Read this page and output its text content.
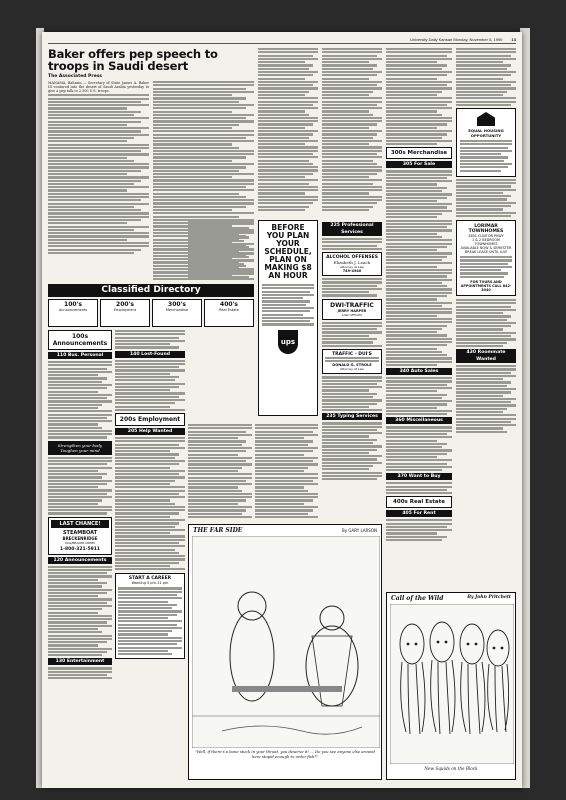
University Daily Kansan Monday, November 5, 1990 13
Baker offers pep speech to troops in Saudi desert
The Associated Press

MANAMA, Bahrain — Secretary of State James A. Baker III ventured into the desert of Saudi Arabia yesterday to give a pep talk to 2,500 U.S. troops.

Classified Directory
100's
Announcements
200's
Employment
300's
Merchandise
400's
Real Estate
100s Announcements
110 Bus. Personal
Strengthen your body Toughen your mind
LAST CHANCE!
STEAMBOAT
BRECKENRIDGE
VAIL/BEAVER CREEK
1-800-321-5911
120 Announcements
130 Entertainment
140 Lost-Found
200s Employment
205 Help Wanted
START A CAREER
Working 5 pm-11 pm
BEFORE YOU PLAN YOUR SCHEDULE, PLAN ON MAKING $8 AN HOUR
ups
225 Professional Services
ALCOHOL OFFENSES
Elizabeth J. Leach
Attorney at Law
749-4940
DWI-TRAFFIC
JERRY HARPER
LAW OFFICES
TRAFFIC - DUI'S
DONALD G. STROLE
Attorney at Law
235 Typing Services
300s Merchandise
305 For Sale
340 Auto Sales
360 Miscellaneous
370 Want to Buy
400s Real Estate
405 For Rent
EQUAL HOUSING OPPORTUNITY
LORIMAR TOWNHOMES
3601 CLINTON PKWY
1 & 2 BEDROOM TOWNHOMES
AVAILABLE NOW & SEMESTER BREAK LEASE UNTIL JULY
FOR TOURS AND APPOINTMENTS CALL 842-3040
430 Roommate Wanted
THE FAR SIDE	By GARY LARSON
"Well, if there's a bone stuck in your throat, you deserve it! ... Do you see anyone else around here stupid enough to order fish?"
Call of the Wild	By John Pritchett
New Squids on the Block
